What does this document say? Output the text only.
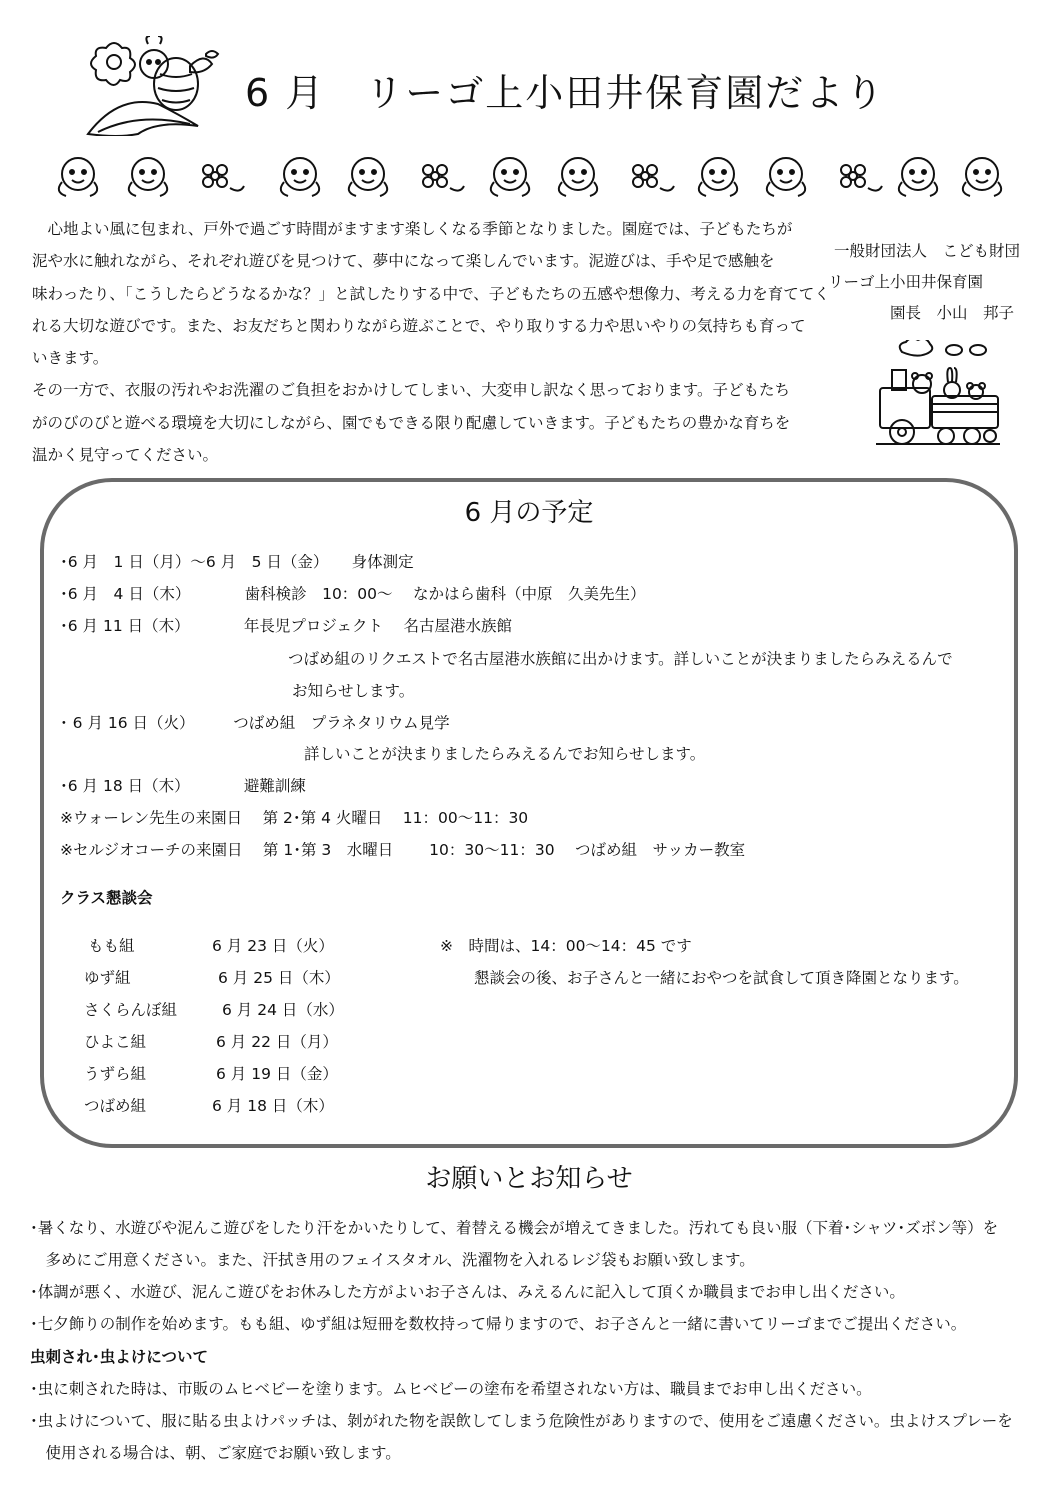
6 月　リーゴ上小田井保育園だより

　心地よい風に包まれ、戸外で過ごす時間がますます楽しくなる季節となりました。園庭では、子どもたちが

泥や水に触れながら、それぞれ遊びを見つけて、夢中になって楽しんでいます。泥遊びは、手や足で感触を

味わったり、「こうしたらどうなるかな？」と試したりする中で、子どもたちの五感や想像力、考える力を育ててく

れる大切な遊びです。また、お友だちと関わりながら遊ぶことで、やり取りする力や思いやりの気持ちも育って

いきます。

その一方で、衣服の汚れやお洗濯のご負担をおかけしてしまい、大変申し訳なく思っております。子どもたち

がのびのびと遊べる環境を大切にしながら、園でもできる限り配慮していきます。子どもたちの豊かな育ちを

温かく見守ってください。

一般財団法人　こども財団
リーゴ上小田井保育園
園長　小山　邦子
6 月の予定
･6 月　1 日（月）～6 月　5 日（金）　　身体測定
･6 月　4 日（木）　　　　歯科検診　10：00～　 なかはら歯科（中原　久美先生）
･6 月 11 日（木）　　　　年長児プロジェクト　 名古屋港水族館
つばめ組のリクエストで名古屋港水族館に出かけます。詳しいことが決まりましたらみえるんで
お知らせします。
･ 6 月 16 日（火）　　　つばめ組　プラネタリウム見学
詳しいことが決まりましたらみえるんでお知らせします。
･6 月 18 日（木）　　　　避難訓練
※ウォーレン先生の来園日　 第 2･第 4 火曜日　 11：00～11：30
※セルジオコーチの来園日　 第 1･第 3　水曜日　　 10：30～11：30　 つばめ組　サッカー教室
クラス懇談会
もも組	6 月 23 日（火）
ゆず組	6 月 25 日（木）
さくらんぼ組	6 月 24 日（水）
ひよこ組	6 月 22 日（月）
うずら組	6 月 19 日（金）
つばめ組	6 月 18 日（木）
※　時間は、14：00～14：45 です
懇談会の後、お子さんと一緒におやつを試食して頂き降園となります。
お願いとお知らせ
･暑くなり、水遊びや泥んこ遊びをしたり汗をかいたりして、着替える機会が増えてきました。汚れても良い服（下着･シャツ･ズボン等）を
　多めにご用意ください。また、汗拭き用のフェイスタオル、洗濯物を入れるレジ袋もお願い致します。
･体調が悪く、水遊び、泥んこ遊びをお休みした方がよいお子さんは、みえるんに記入して頂くか職員までお申し出ください。
･七夕飾りの制作を始めます。もも組、ゆず組は短冊を数枚持って帰りますので、お子さんと一緒に書いてリーゴまでご提出ください。
虫刺され･虫よけについて
･虫に刺された時は、市販のムヒベビーを塗ります。ムヒベビーの塗布を希望されない方は、職員までお申し出ください。
･虫よけについて、服に貼る虫よけパッチは、剝がれた物を誤飲してしまう危険性がありますので、使用をご遠慮ください。虫よけスプレーを
　使用される場合は、朝、ご家庭でお願い致します。
